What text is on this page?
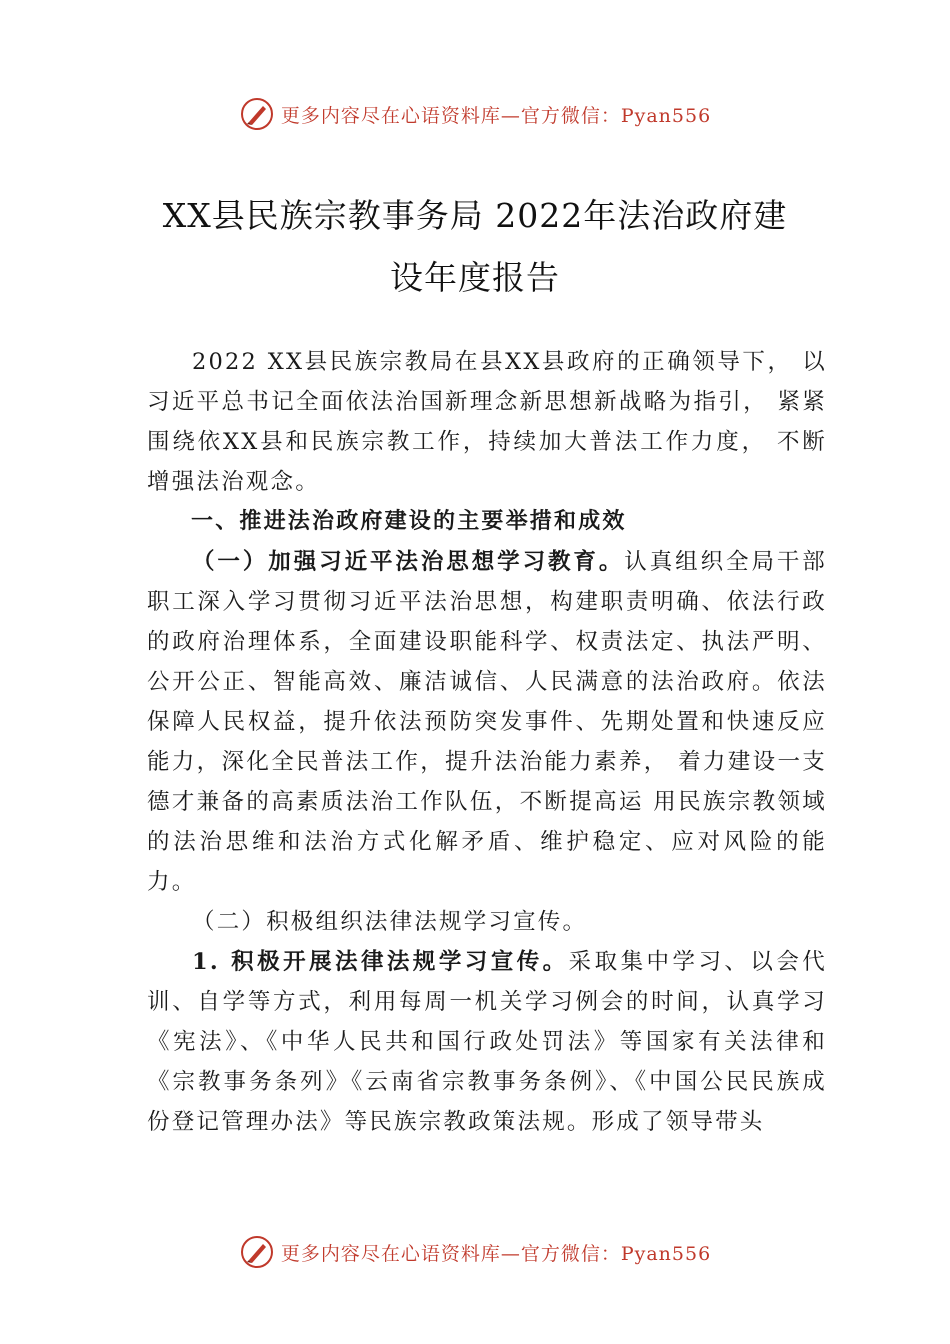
更多内容尽在心语资料库—官方微信：Pyan556
XX县民族宗教事务局 2022年法治政府建
设年度报告

2022 XX县民族宗教局在县XX县政府的正确领导下， 以习近平总书记全面依法治国新理念新思想新战略为指引， 紧紧围绕依XX县和民族宗教工作，持续加大普法工作力度， 不断增强法治观念。

一、推进法治政府建设的主要举措和成效

（一）加强习近平法治思想学习教育。认真组织全局干部职工深入学习贯彻习近平法治思想，构建职责明确、依法行政的政府治理体系，全面建设职能科学、权责法定、执法严明、公开公正、智能高效、廉洁诚信、人民满意的法治政府。依法保障人民权益，提升依法预防突发事件、先期处置和快速反应能力，深化全民普法工作，提升法治能力素养， 着力建设一支德才兼备的高素质法治工作队伍，不断提高运 用民族宗教领域的法治思维和法治方式化解矛盾、维护稳定、应对风险的能力。

（二）积极组织法律法规学习宣传。

1. 积极开展法律法规学习宣传。采取集中学习、以会代训、自学等方式，利用每周一机关学习例会的时间，认真学习《宪法》、《中华人民共和国行政处罚法》等国家有关法律和《宗教事务条列》《云南省宗教事务条例》、《中国公民民族成份登记管理办法》等民族宗教政策法规。形成了领导带头

更多内容尽在心语资料库—官方微信：Pyan556
